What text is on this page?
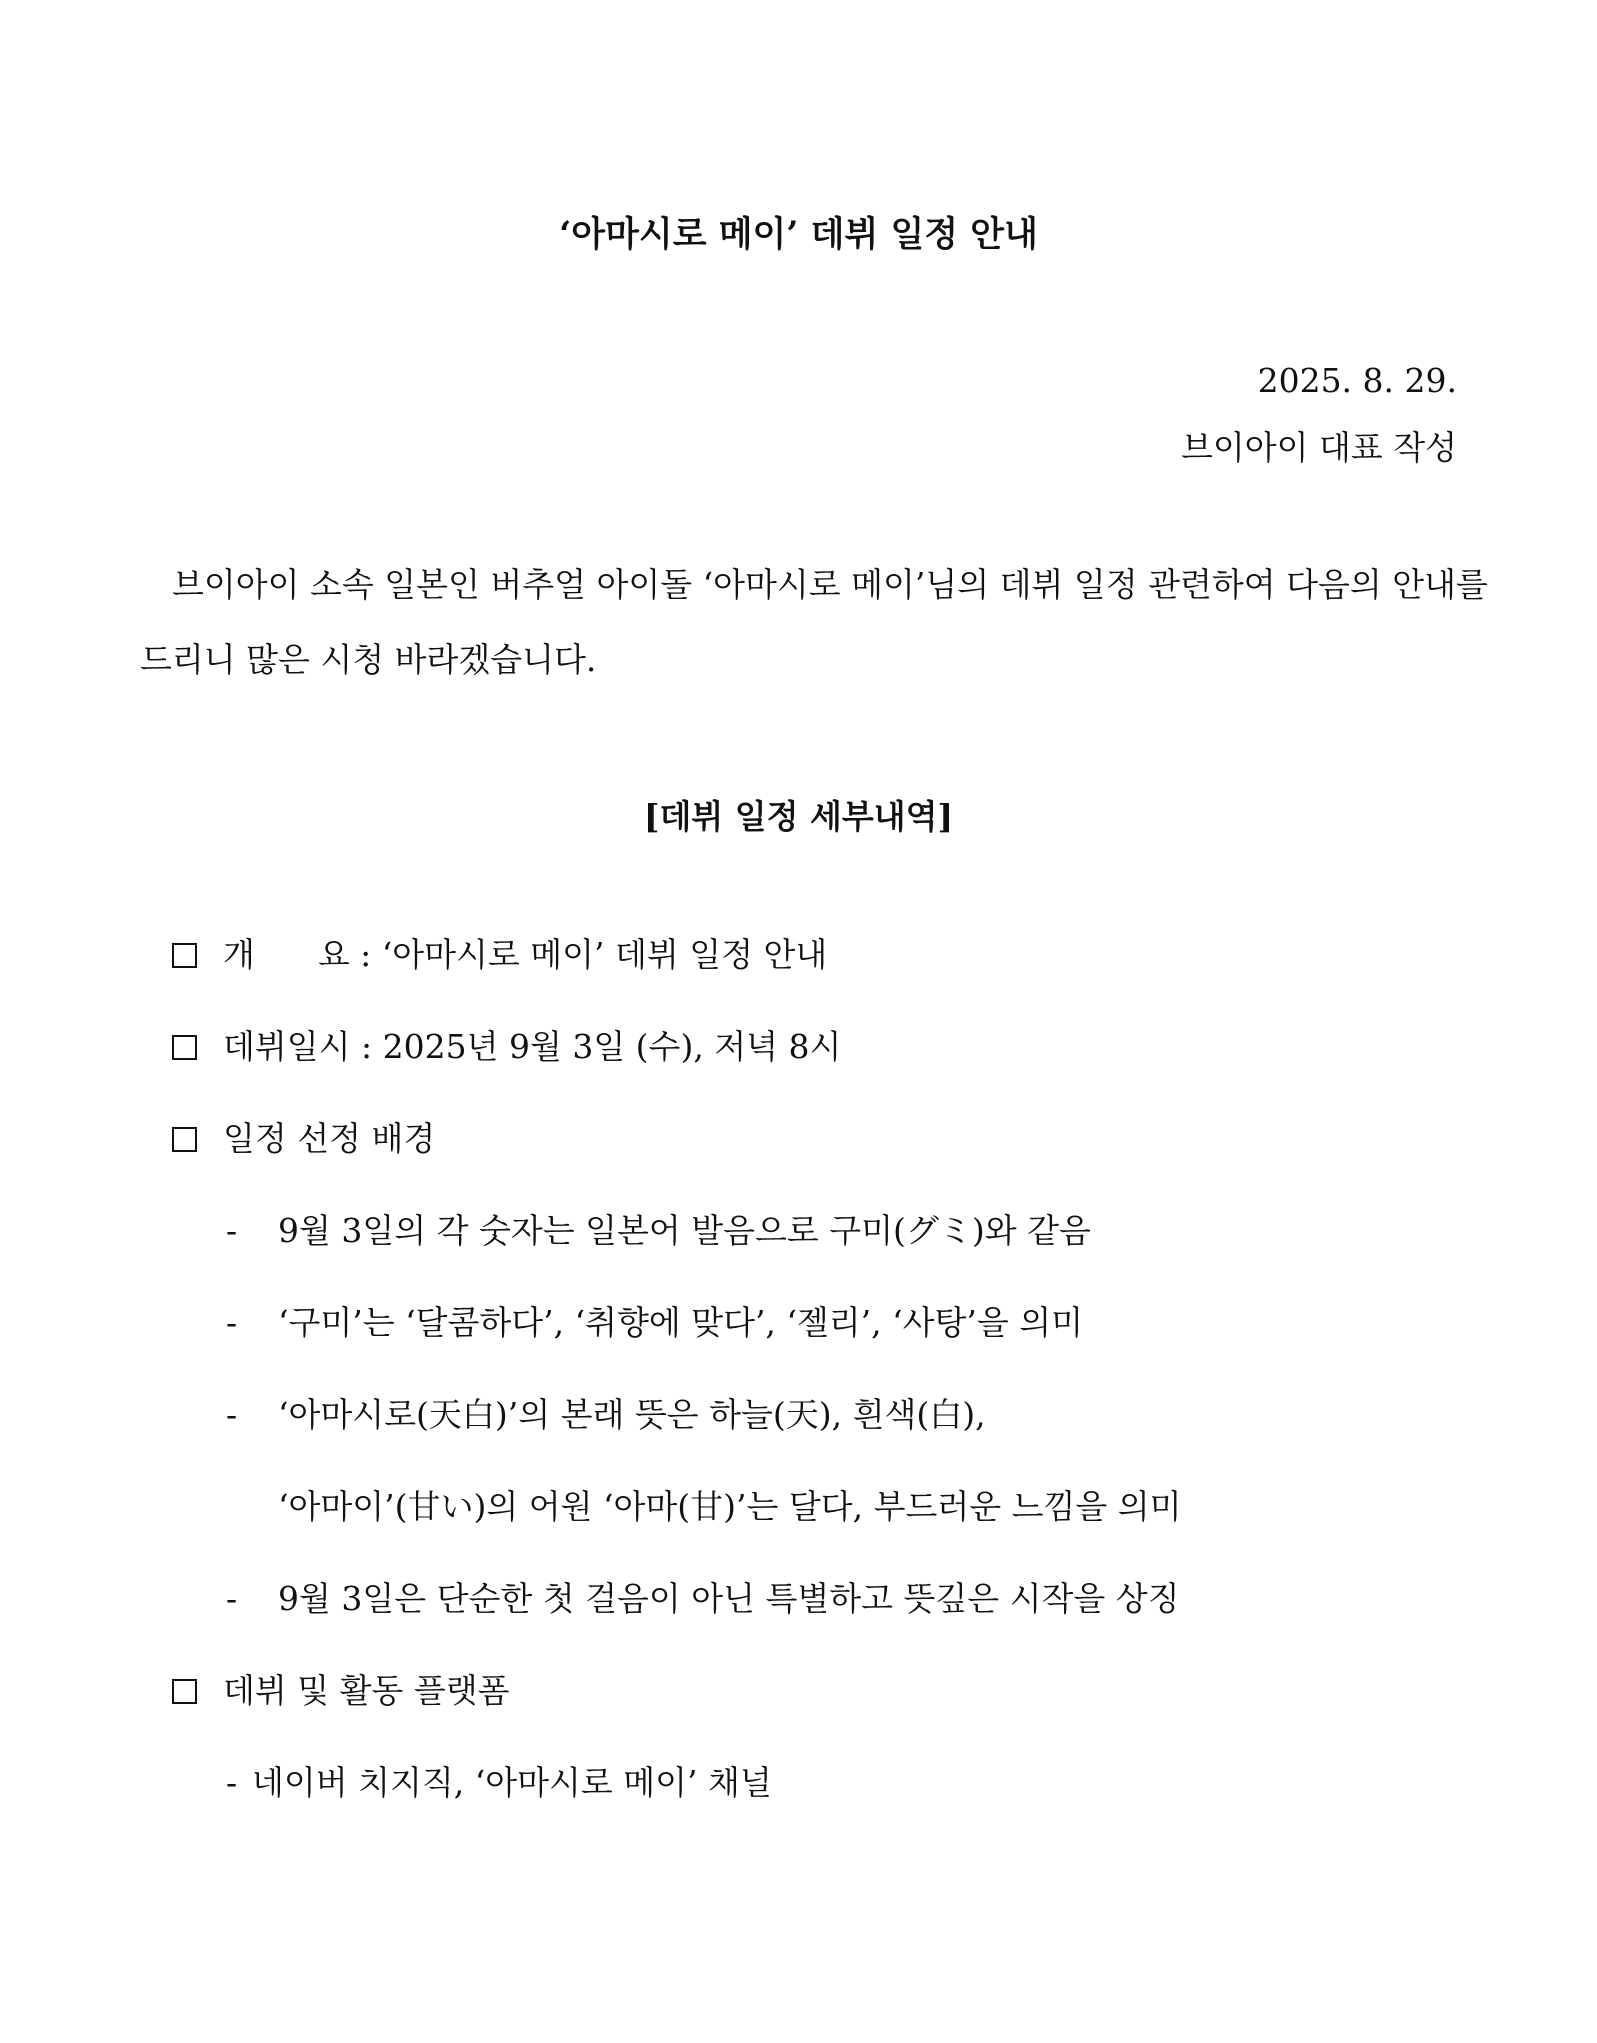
‘아마시로 메이’ 데뷔 일정 안내
2025. 8. 29.
브이아이 대표 작성
브이아이 소속 일본인 버추얼 아이돌 ‘아마시로 메이’님의 데뷔 일정 관련하여 다음의 안내를
드리니 많은 시청 바라겠습니다.
[데뷔 일정 세부내역]
개      요 : ‘아마시로 메이’ 데뷔 일정 안내
데뷔일시 : 2025년 9월 3일 (수), 저녁 8시
일정 선정 배경
- 9월 3일의 각 숫자는 일본어 발음으로 구미(グミ)와 같음
- ‘구미’는 ‘달콤하다’, ‘취향에 맞다’, ‘젤리’, ‘사탕’을 의미
- ‘아마시로(天白)’의 본래 뜻은 하늘(天), 흰색(白),
‘아마이’(甘い)의 어원 ‘아마(甘)’는 달다, 부드러운 느낌을 의미
- 9월 3일은 단순한 첫 걸음이 아닌 특별하고 뜻깊은 시작을 상징
데뷔 및 활동 플랫폼
- 네이버 치지직, ‘아마시로 메이’ 채널
